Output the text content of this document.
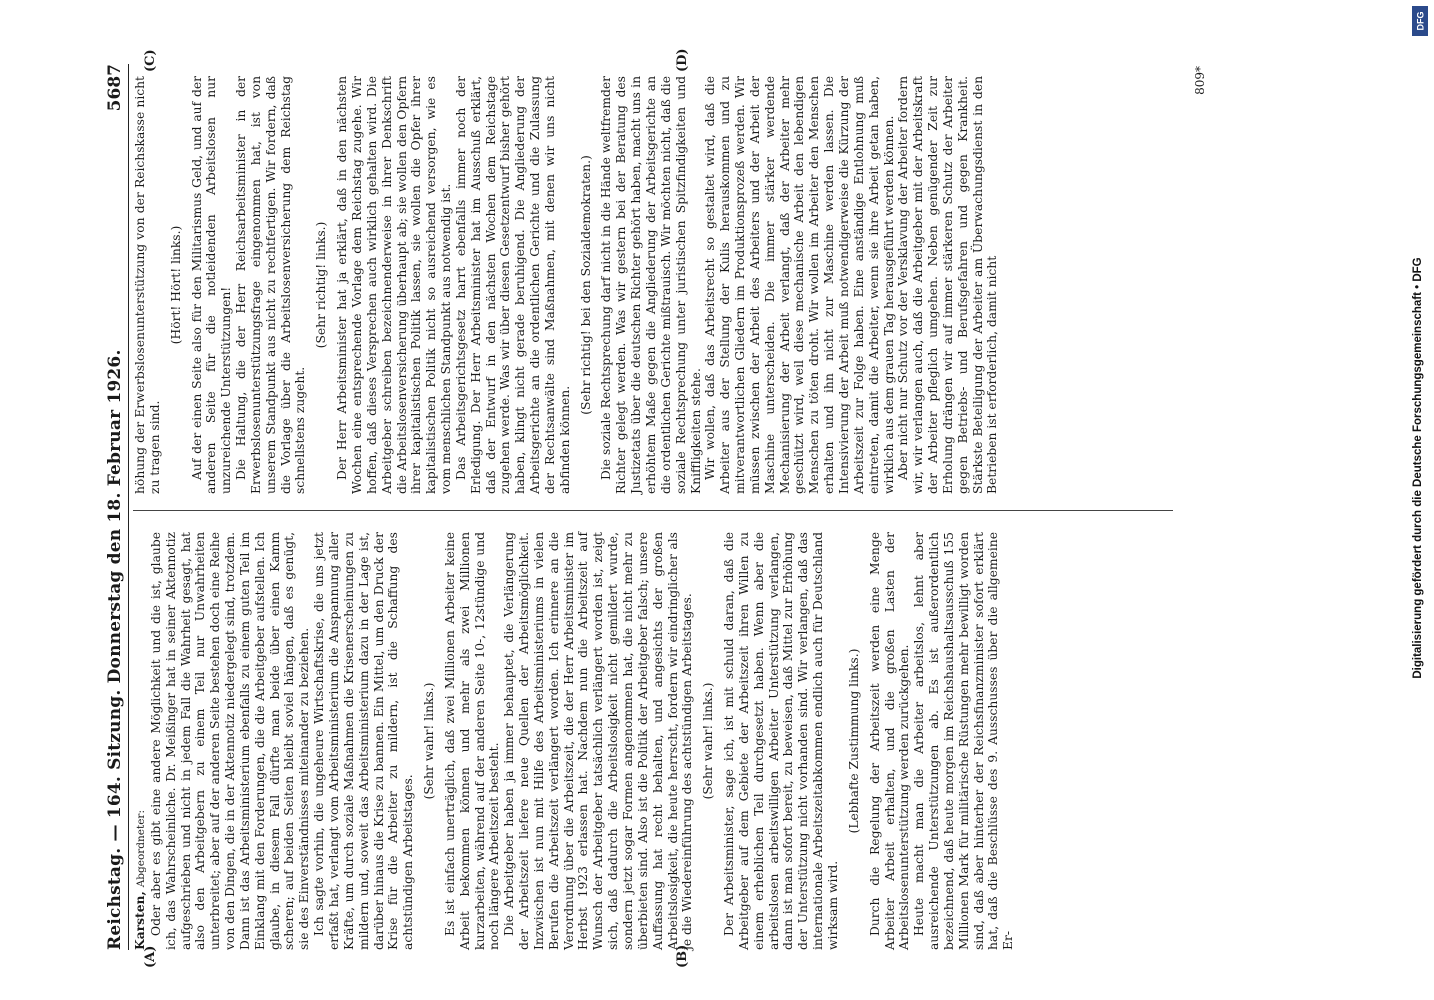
Reichstag. — 164. Sitzung. Donnerstag den 18. Februar 1926.
5687
(A)	(B)
(C)	(D)

Karsten, Abgeordneter: Oder aber es gibt eine andere Möglichkeit und die ist, glaube ich, das Wahrscheinliche. Dr. Meißinger hat in seiner Aktennotiz aufgeschrieben und nicht in jedem Fall die Wahrheit gesagt, hat also den Arbeitgebern zu einem Teil nur Unwahrheiten unterbreitet; aber auf der anderen Seite bestehen doch eine Reihe von den Dingen, die in der Aktennotiz niedergelegt sind, trotzdem. Dann ist das Arbeitsministerium ebenfalls zu einem guten Teil im Einklang mit den Forderungen, die die Arbeitgeber aufstellen. Ich glaube, in diesem Fall dürfte man beide über einen Kamm scheren; auf beiden Seiten bleibt soviel hängen, daß es genügt, sie des Einverständnisses miteinander zu beziehen. Ich sagte vorhin, die ungeheure Wirtschaftskrise, die uns jetzt erfaßt hat, verlangt vom Arbeitsministerium die Anspannung aller Kräfte, um durch soziale Maßnahmen die Krisenerscheinungen zu mildern und, soweit das Arbeitsministerium dazu in der Lage ist, darüber hinaus die Krise zu bannen. Ein Mittel, um den Druck der Krise für die Arbeiter zu mildern, ist die Schaffung des achtstündigen Arbeitstages.

(Sehr wahr! links.) Es ist einfach unerträglich, daß zwei Millionen Arbeiter keine Arbeit bekommen können und mehr als zwei Millionen kurzarbeiten, während auf der anderen Seite 10-, 12stündige und noch längere Arbeitszeit besteht. Die Arbeitgeber haben ja immer behauptet, die Verlängerung der Arbeitszeit liefere neue Quellen der Arbeitsmöglichkeit. Inzwischen ist nun mit Hilfe des Arbeitsministeriums in vielen Berufen die Arbeitszeit verlängert worden. Ich erinnere an die Verordnung über die Arbeitszeit, die der Herr Arbeitsminister im Herbst 1923 erlassen hat. Nachdem nun die Arbeitszeit auf Wunsch der Arbeitgeber tatsächlich verlängert worden ist, zeigt sich, daß dadurch die Arbeitslosigkeit nicht gemildert wurde, sondern jetzt sogar Formen angenommen hat, die nicht mehr zu überbieten sind. Also ist die Politik der Arbeitgeber falsch; unsere Auffassung hat recht behalten, und angesichts der großen Arbeitslosigkeit, die heute herrscht, fordern wir eindringlicher als je die Wiedereinführung des achtstündigen Arbeitstages. (Sehr wahr! links.) Der Arbeitsminister, sage ich, ist mit schuld daran, daß die Arbeitgeber auf dem Gebiete der Arbeitszeit ihren Willen zu einem erheblichen Teil durchgesetzt haben. Wenn aber die arbeitslosen arbeitswilligen Arbeiter Unterstützung verlangen, dann ist man sofort bereit, zu beweisen, daß Mittel zur Erhöhung der Unterstützung nicht vorhanden sind. Wir verlangen, daß das internationale Arbeitszeitabkommen endlich auch für Deutschland wirksam wird.

(Lebhafte Zustimmung links.) Durch die Regelung der Arbeitszeit werden eine Menge Arbeiter Arbeit erhalten, und die großen Lasten der Arbeitslosenunterstützung werden zurückgehen. Heute macht man die Arbeiter arbeitslos, lehnt aber ausreichende Unterstützungen ab. Es ist außerordentlich bezeichnend, daß heute morgen im Reichshaushaltsausschuß 155 Millionen Mark für militärische Rüstungen mehr bewilligt worden sind, daß aber hinterher der Reichsfinanzminister sofort erklärt hat, daß die Beschlüsse des 9. Ausschusses über die allgemeine Er-

höhung der Erwerbslosenunterstützung von der Reichskasse nicht zu tragen sind.

(Hört! Hört! links.) Auf der einen Seite also für den Militarismus Geld, und auf der anderen Seite für die notleidenden Arbeitslosen nur unzureichende Unterstützungen! Die Haltung, die der Herr Reichsarbeitsminister in der Erwerbslosenunterstützungsfrage eingenommen hat, ist von unserem Standpunkt aus nicht zu rechtfertigen. Wir fordern, daß die Vorlage über die Arbeitslosenversicherung dem Reichstag schnellstens zugeht.

(Sehr richtig! links.) Der Herr Arbeitsminister hat ja erklärt, daß in den nächsten Wochen eine entsprechende Vorlage dem Reichstag zugehe. Wir hoffen, daß dieses Versprechen auch wirklich gehalten wird. Die Arbeitgeber schreiben bezeichnenderweise in ihrer Denkschrift die Arbeitslosenversicherung überhaupt ab; sie wollen den Opfern ihrer kapitalistischen Politik lassen, sie wollen die Opfer ihrer kapitalistischen Politik nicht so ausreichend versorgen, wie es vom menschlichen Standpunkt aus notwendig ist. Das Arbeitsgerichtsgesetz harrt ebenfalls immer noch der Erledigung. Der Herr Arbeitsminister hat im Ausschuß erklärt, daß der Entwurf in den nächsten Wochen dem Reichstage zugehen werde. Was wir über diesen Gesetzentwurf bisher gehört haben, klingt nicht gerade beruhigend. Die Angliederung der Arbeitsgerichte an die ordentlichen Gerichte und die Zulassung der Rechtsanwälte sind Maßnahmen, mit denen wir uns nicht abfinden können.

(Sehr richtig! bei den Sozialdemokraten.) Die soziale Rechtsprechung darf nicht in die Hände weltfremder Richter gelegt werden. Was wir gestern bei der Beratung des Justizetats über die deutschen Richter gehört haben, macht uns in erhöhtem Maße gegen die Angliederung der Arbeitsgerichte an die ordentlichen Gerichte mißtrauisch. Wir möchten nicht, daß die soziale Rechtsprechung unter juristischen Spitzfindigkeiten und Kniffligkeiten stehe. Wir wollen, daß das Arbeitsrecht so gestaltet wird, daß die Arbeiter aus der Stellung der Kulis herauskommen und zu mitverantwortlichen Gliedern im Produktionsprozeß werden. Wir müssen zwischen der Arbeit des Arbeiters und der Arbeit der Maschine unterscheiden. Die immer stärker werdende Mechanisierung der Arbeit verlangt, daß der Arbeiter mehr geschützt wird, weil diese mechanische Arbeit den lebendigen Menschen zu töten droht. Wir wollen im Arbeiter den Menschen erhalten und ihn nicht zur Maschine werden lassen. Die Intensivierung der Arbeit muß notwendigerweise die Kürzung der Arbeitszeit zur Folge haben. Eine anständige Entlohnung muß eintreten, damit die Arbeiter, wenn sie ihre Arbeit getan haben, wirklich aus dem grauen Tag herausgeführt werden können. Aber nicht nur Schutz vor der Versklavung der Arbeiter fordern wir, wir verlangen auch, daß die Arbeitgeber mit der Arbeitskraft der Arbeiter pfleglich umgehen. Neben genügender Zeit zur Erholung drängen wir auf immer stärkeren Schutz der Arbeiter gegen Betriebs- und Berufsgefahren und gegen Krankheit. Stärkste Beteiligung der Arbeiter am Überwachungsdienst in den Betrieben ist erforderlich, damit nicht

809*
DFG
Digitalisierung gefördert durch die Deutsche Forschungsgemeinschaft • DFG
